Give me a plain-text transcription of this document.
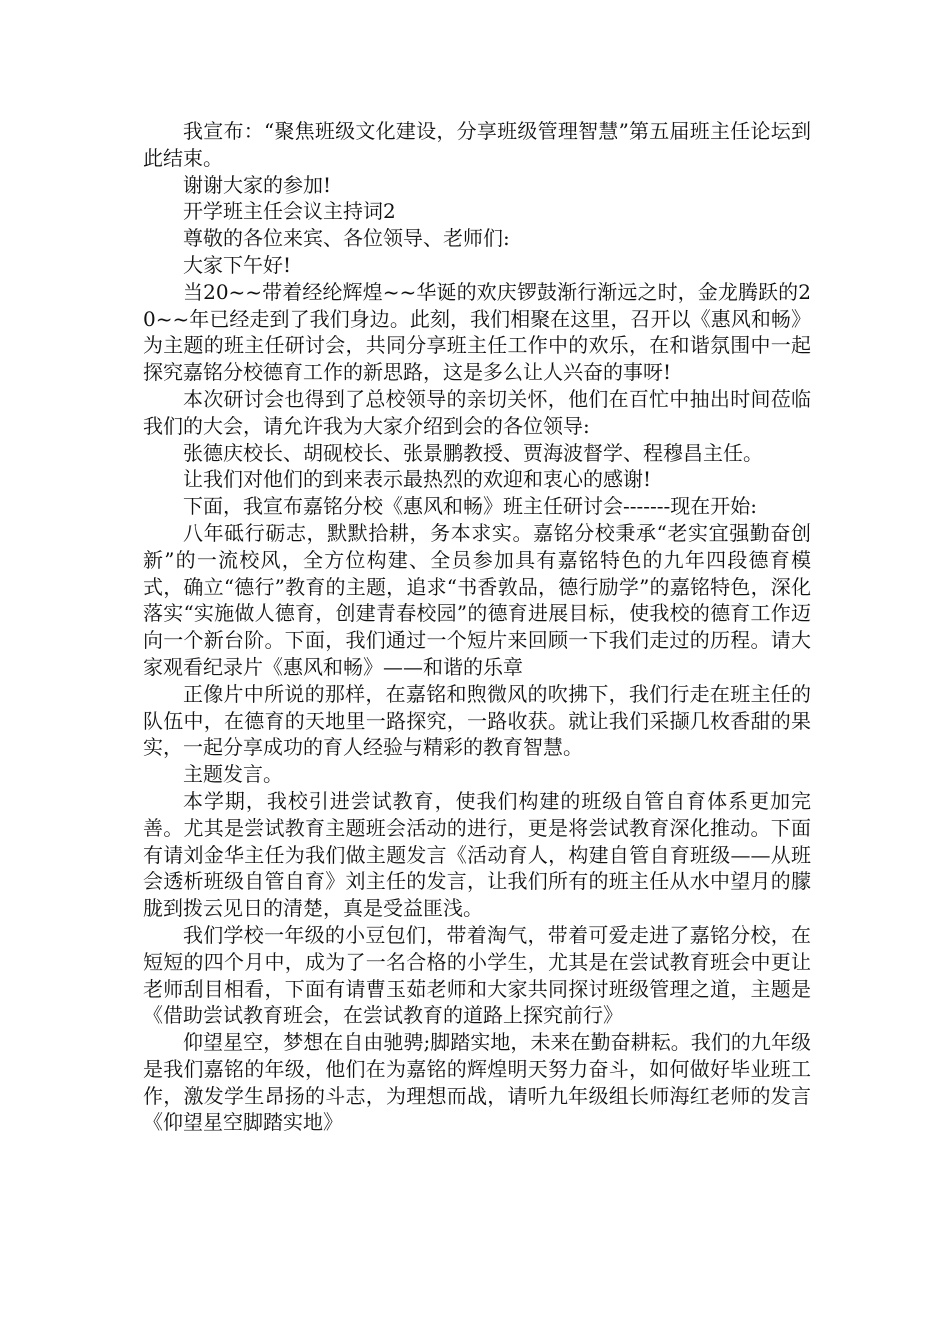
我宣布：“聚焦班级文化建设，分享班级管理智慧”第五届班主任论坛到此结束。

谢谢大家的参加!

开学班主任会议主持词2

尊敬的各位来宾、各位领导、老师们:

大家下午好!

当20~~带着经纶辉煌~~华诞的欢庆锣鼓渐行渐远之时，金龙腾跃的20~~年已经走到了我们身边。此刻，我们相聚在这里，召开以《惠风和畅》为主题的班主任研讨会，共同分享班主任工作中的欢乐，在和谐氛围中一起探究嘉铭分校德育工作的新思路，这是多么让人兴奋的事呀!

本次研讨会也得到了总校领导的亲切关怀，他们在百忙中抽出时间莅临我们的大会，请允许我为大家介绍到会的各位领导:

张德庆校长、胡砚校长、张景鹏教授、贾海波督学、程穆昌主任。

让我们对他们的到来表示最热烈的欢迎和衷心的感谢!

下面，我宣布嘉铭分校《惠风和畅》班主任研讨会-------现在开始:

八年砥行砺志，默默拾耕，务本求实。嘉铭分校秉承“老实宜强勤奋创新”的一流校风，全方位构建、全员参加具有嘉铭特色的九年四段德育模式，确立“德行”教育的主题，追求“书香敦品，德行励学”的嘉铭特色，深化落实“实施做人德育，创建青春校园”的德育进展目标，使我校的德育工作迈向一个新台阶。下面，我们通过一个短片来回顾一下我们走过的历程。请大家观看纪录片《惠风和畅》——和谐的乐章

正像片中所说的那样，在嘉铭和煦微风的吹拂下，我们行走在班主任的队伍中，在德育的天地里一路探究，一路收获。就让我们采撷几枚香甜的果实，一起分享成功的育人经验与精彩的教育智慧。

主题发言。

本学期，我校引进尝试教育，使我们构建的班级自管自育体系更加完善。尤其是尝试教育主题班会活动的进行，更是将尝试教育深化推动。下面有请刘金华主任为我们做主题发言《活动育人，构建自管自育班级——从班会透析班级自管自育》刘主任的发言，让我们所有的班主任从水中望月的朦胧到拨云见日的清楚，真是受益匪浅。

我们学校一年级的小豆包们，带着淘气，带着可爱走进了嘉铭分校，在短短的四个月中，成为了一名合格的小学生，尤其是在尝试教育班会中更让老师刮目相看，下面有请曹玉茹老师和大家共同探讨班级管理之道，主题是《借助尝试教育班会，在尝试教育的道路上探究前行》

仰望星空，梦想在自由驰骋;脚踏实地，未来在勤奋耕耘。我们的九年级是我们嘉铭的年级，他们在为嘉铭的辉煌明天努力奋斗，如何做好毕业班工作，激发学生昂扬的斗志，为理想而战，请听九年级组长师海红老师的发言《仰望星空脚踏实地》
